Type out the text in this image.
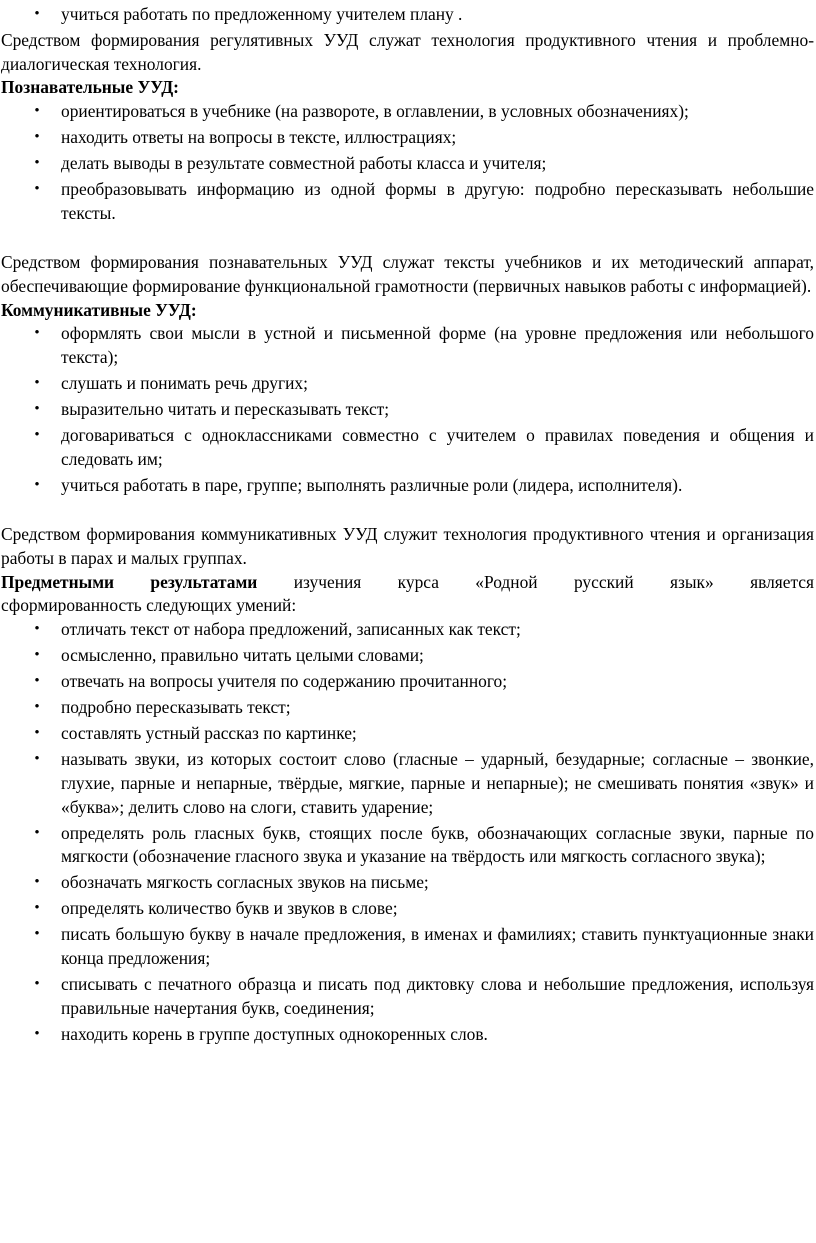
• учиться работать по предложенному учителем плану .

Средством формирования регулятивных УУД служат технология продуктивного чтения и проблемно-диалогическая технология.

Познавательные УУД:

• ориентироваться в учебнике (на развороте, в оглавлении, в условных обозначениях);
• находить ответы на вопросы в тексте, иллюстрациях;
• делать выводы в результате совместной работы класса и учителя;
• преобразовывать информацию из одной формы в другую: подробно пересказывать небольшие тексты.

Средством формирования познавательных УУД служат тексты учебников и их методический аппарат, обеспечивающие формирование функциональной грамотности (первичных навыков работы с информацией).

Коммуникативные УУД:

• оформлять свои мысли в устной и письменной форме (на уровне предложения или небольшого текста);
• слушать и понимать речь других;
• выразительно читать и пересказывать текст;
• договариваться с одноклассниками совместно с учителем о правилах поведения и общения и следовать им;
• учиться работать в паре, группе; выполнять различные роли (лидера, исполнителя).

Средством формирования коммуникативных УУД служит технология продуктивного чтения и организация работы в парах и малых группах.

Предметными результатами изучения курса «Родной русский язык» является

сформированность следующих умений:

• отличать текст от набора предложений, записанных как текст;
• осмысленно, правильно читать целыми словами;
• отвечать на вопросы учителя по содержанию прочитанного;
• подробно пересказывать текст;
• составлять устный рассказ по картинке;
• называть звуки, из которых состоит слово (гласные – ударный, безударные; согласные – звонкие, глухие, парные и непарные, твёрдые, мягкие, парные и непарные); не смешивать понятия «звук» и «буква»; делить слово на слоги, ставить ударение;
• определять роль гласных букв, стоящих после букв, обозначающих согласные звуки, парные по мягкости (обозначение гласного звука и указание на твёрдость или мягкость согласного звука);
• обозначать мягкость согласных звуков на письме;
• определять количество букв и звуков в слове;
• писать большую букву в начале предложения, в именах и фамилиях; ставить пунктуационные знаки конца предложения;
• списывать с печатного образца и писать под диктовку слова и небольшие предложения, используя правильные начертания букв, соединения;
• находить корень в группе доступных однокоренных слов.
